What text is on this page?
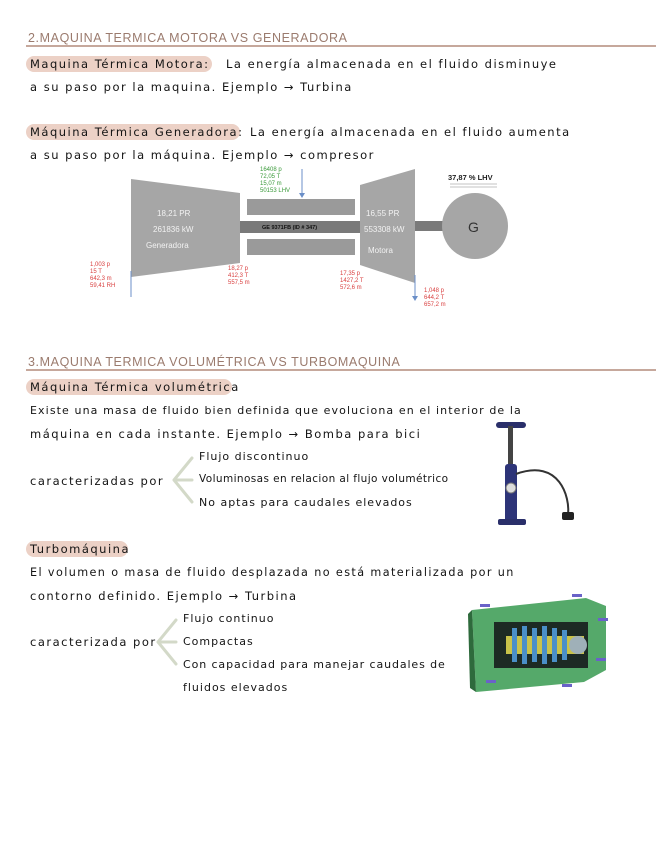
2.MAQUINA TERMICA MOTORA VS GENERADORA
Maquina Térmica Motora: La energía almacenada en el fluido disminuye
a su paso por la maquina. Ejemplo → Turbina
Máquina Térmica Generadora: La energía almacenada en el fluido aumenta
a su paso por la máquina. Ejemplo → compresor
18,21 PR
261836 kW
Generadora
16,55 PR
553308 kW
Motora
GE 9371FB (ID # 347)	G
37,87 % LHV
16408 p
72,05 T
15,07 m
50153 LHV
1,003 p
15 T
642,3 m
59,41 RH
18,27 p
412,3 T
557,5 m
17,35 p
1427,2 T
572,6 m	1,048 p
644,2 T
657,2 m
3.MAQUINA TERMICA VOLUMÉTRICA VS TURBOMAQUINA
Máquina Térmica volumétrica
Existe una masa de fluido bien definida que evoluciona en el interior de la
máquina en cada instante. Ejemplo → Bomba para bici
caracterizadas por
Flujo discontinuo
Voluminosas en relacion al flujo volumétrico
No aptas para caudales elevados
Turbomáquina
El volumen o masa de fluido desplazada no está materializada por un
contorno definido. Ejemplo → Turbina
caracterizada por
Flujo continuo
Compactas
Con capacidad para manejar caudales de
fluidos elevados
